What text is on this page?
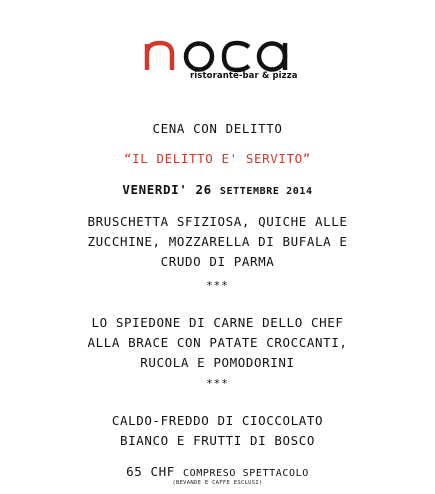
ristorante-bar & pizza
CENA CON DELITTO
“IL DELITTO E' SERVITO”
VENERDI' 26 SETTEMBRE 2014
BRUSCHETTA SFIZIOSA, QUICHE ALLE
ZUCCHINE, MOZZARELLA DI BUFALA E
CRUDO DI PARMA
***
LO SPIEDONE DI CARNE DELLO CHEF
ALLA BRACE CON PATATE CROCCANTI,
RUCOLA E POMODORINI
***
CALDO-FREDDO DI CIOCCOLATO
BIANCO E FRUTTI DI BOSCO
65 CHF COMPRESO SPETTACOLO
(BEVANDE E CAFFE ESCLUSI)
